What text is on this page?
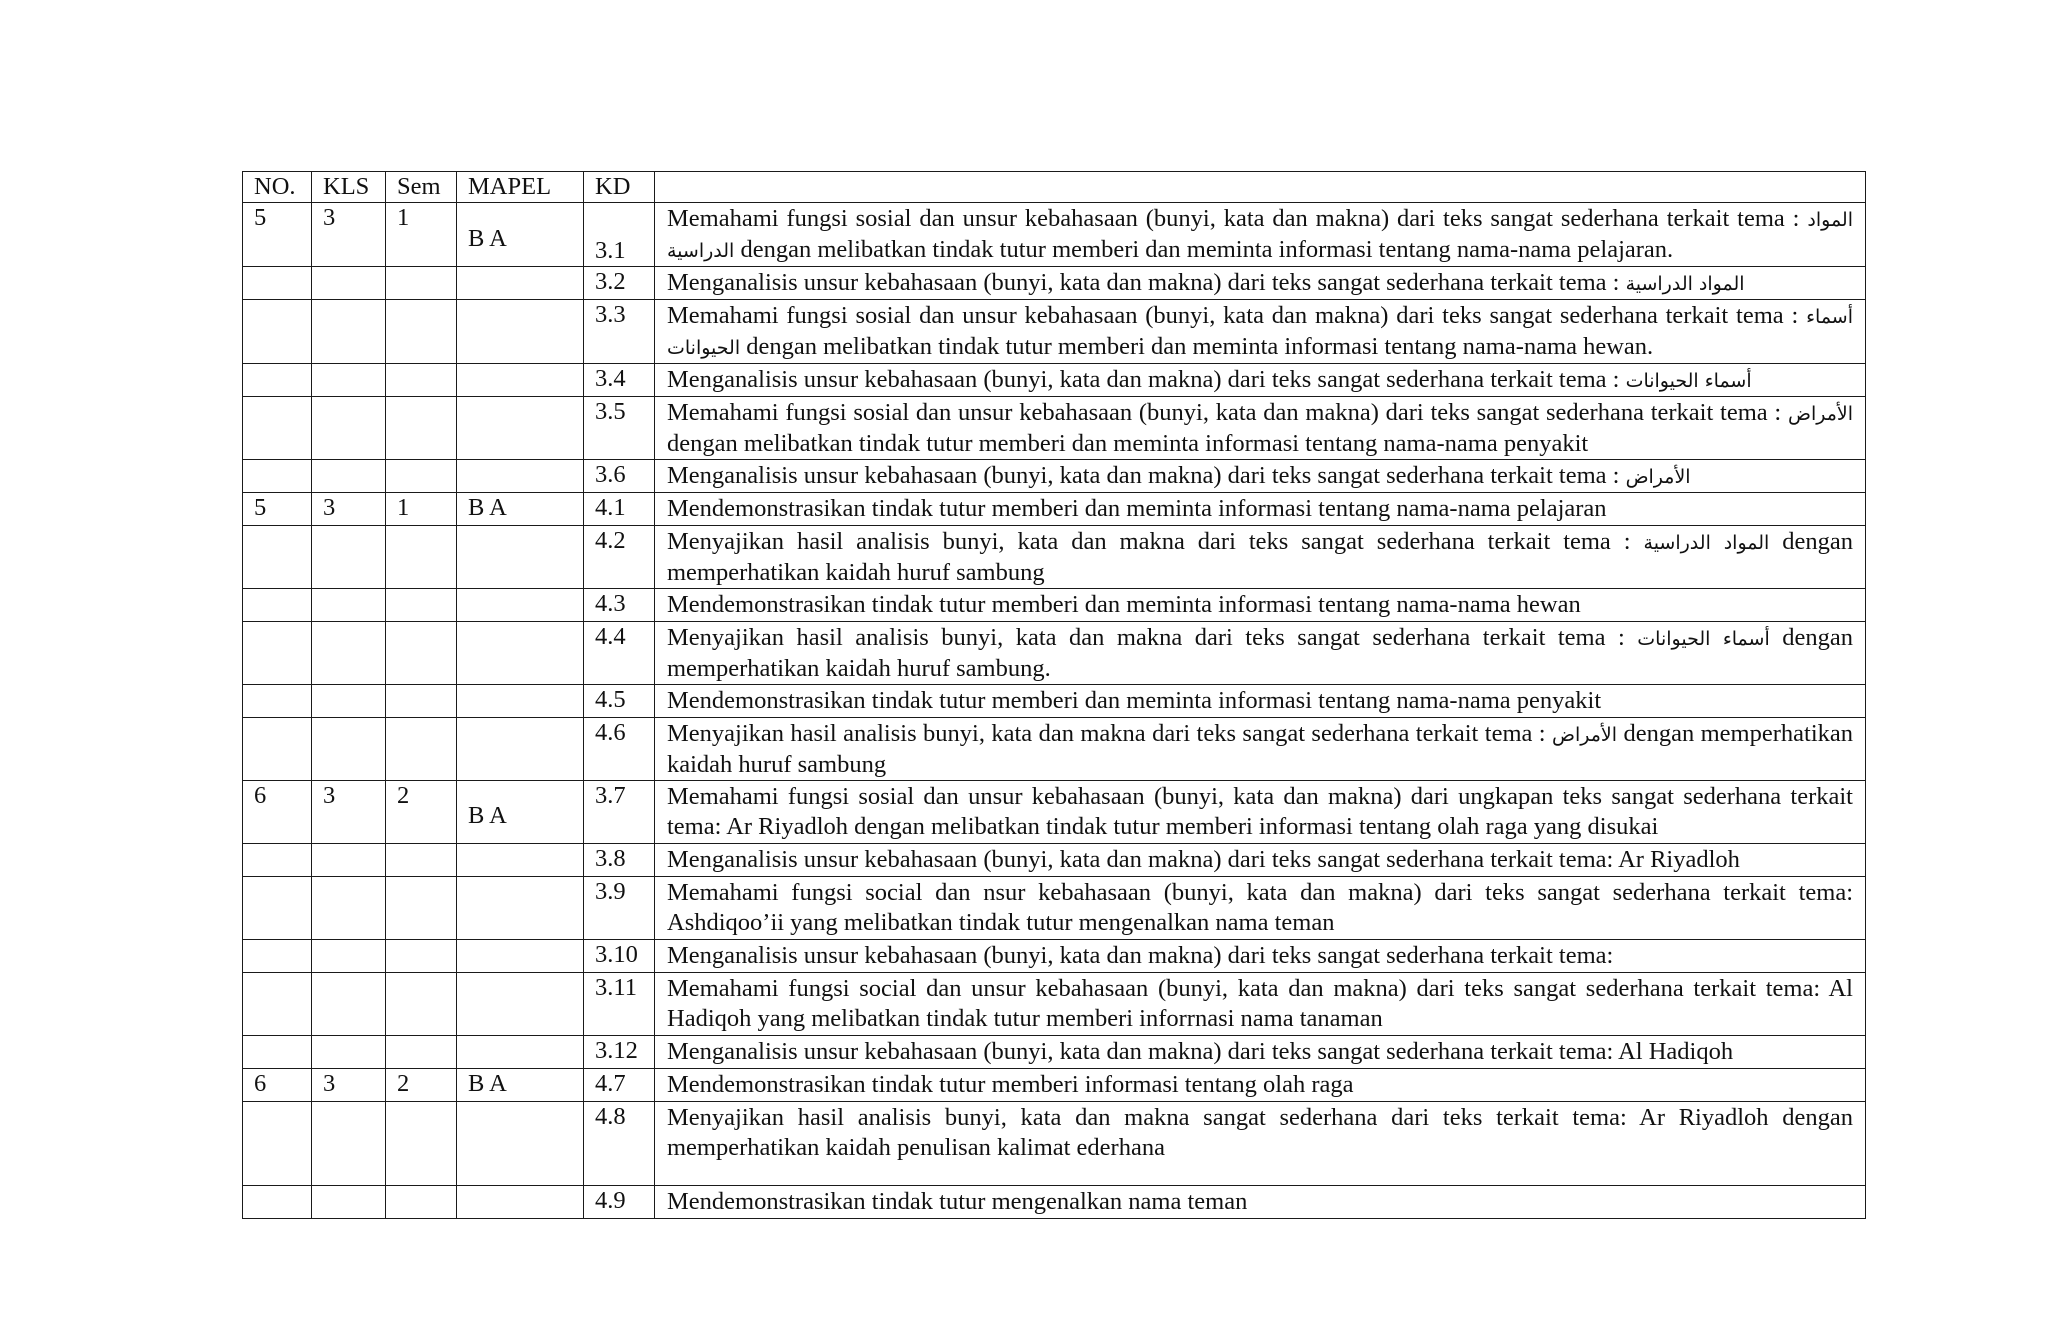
NO.	KLS	Sem	MAPEL	KD	
5	3	1	B A	3.1	Memahami fungsi sosial dan unsur kebahasaan (bunyi, kata dan makna) dari teks sangat sederhana terkait tema : المواد الدراسية dengan melibatkan tindak tutur memberi dan meminta informasi tentang nama-nama pelajaran.
				3.2	Menganalisis unsur kebahasaan (bunyi, kata dan makna) dari teks sangat sederhana terkait tema : المواد الدراسية
				3.3	Memahami fungsi sosial dan unsur kebahasaan (bunyi, kata dan makna) dari teks sangat sederhana terkait tema : أسماء الحيوانات dengan melibatkan tindak tutur memberi dan meminta informasi tentang nama-nama hewan.
				3.4	Menganalisis unsur kebahasaan (bunyi, kata dan makna) dari teks sangat sederhana terkait tema : أسماء الحيوانات
				3.5	Memahami fungsi sosial dan unsur kebahasaan (bunyi, kata dan makna) dari teks sangat sederhana terkait tema : الأمراض dengan melibatkan tindak tutur memberi dan meminta informasi tentang nama-nama penyakit
				3.6	Menganalisis unsur kebahasaan (bunyi, kata dan makna) dari teks sangat sederhana terkait tema : الأمراض
5	3	1	B A	4.1	Mendemonstrasikan tindak tutur memberi dan meminta informasi tentang nama-nama pelajaran
				4.2	Menyajikan hasil analisis bunyi, kata dan makna dari teks sangat sederhana terkait tema : المواد الدراسية dengan memperhatikan kaidah huruf sambung
				4.3	Mendemonstrasikan tindak tutur memberi dan meminta informasi tentang nama-nama hewan
				4.4	Menyajikan hasil analisis bunyi, kata dan makna dari teks sangat sederhana terkait tema : أسماء الحيوانات dengan memperhatikan kaidah huruf sambung.
				4.5	Mendemonstrasikan tindak tutur memberi dan meminta informasi tentang nama-nama penyakit
				4.6	Menyajikan hasil analisis bunyi, kata dan makna dari teks sangat sederhana terkait tema : الأمراض dengan memperhatikan kaidah huruf sambung
6	3	2	B A	3.7	Memahami fungsi sosial dan unsur kebahasaan (bunyi, kata dan makna) dari ungkapan teks sangat sederhana terkait tema: Ar Riyadloh dengan melibatkan tindak tutur memberi informasi tentang olah raga yang disukai
				3.8	Menganalisis unsur kebahasaan (bunyi, kata dan makna) dari teks sangat sederhana terkait tema: Ar Riyadloh
				3.9	Memahami fungsi social dan nsur kebahasaan (bunyi, kata dan makna) dari teks sangat sederhana terkait tema: Ashdiqoo’ii yang melibatkan tindak tutur mengenalkan nama teman
				3.10	Menganalisis unsur kebahasaan (bunyi, kata dan makna) dari teks sangat sederhana terkait tema:
				3.11	Memahami fungsi social dan unsur kebahasaan (bunyi, kata dan makna) dari teks sangat sederhana terkait tema: Al Hadiqoh yang melibatkan tindak tutur memberi inforrnasi nama tanaman
				3.12	Menganalisis unsur kebahasaan (bunyi, kata dan makna) dari teks sangat sederhana terkait tema: Al Hadiqoh
6	3	2	B A	4.7	Mendemonstrasikan tindak tutur memberi informasi tentang olah raga
				4.8	Menyajikan hasil analisis bunyi, kata dan makna sangat sederhana dari teks terkait tema: Ar Riyadloh dengan memperhatikan kaidah penulisan kalimat ederhana
				4.9	Mendemonstrasikan tindak tutur mengenalkan nama teman
